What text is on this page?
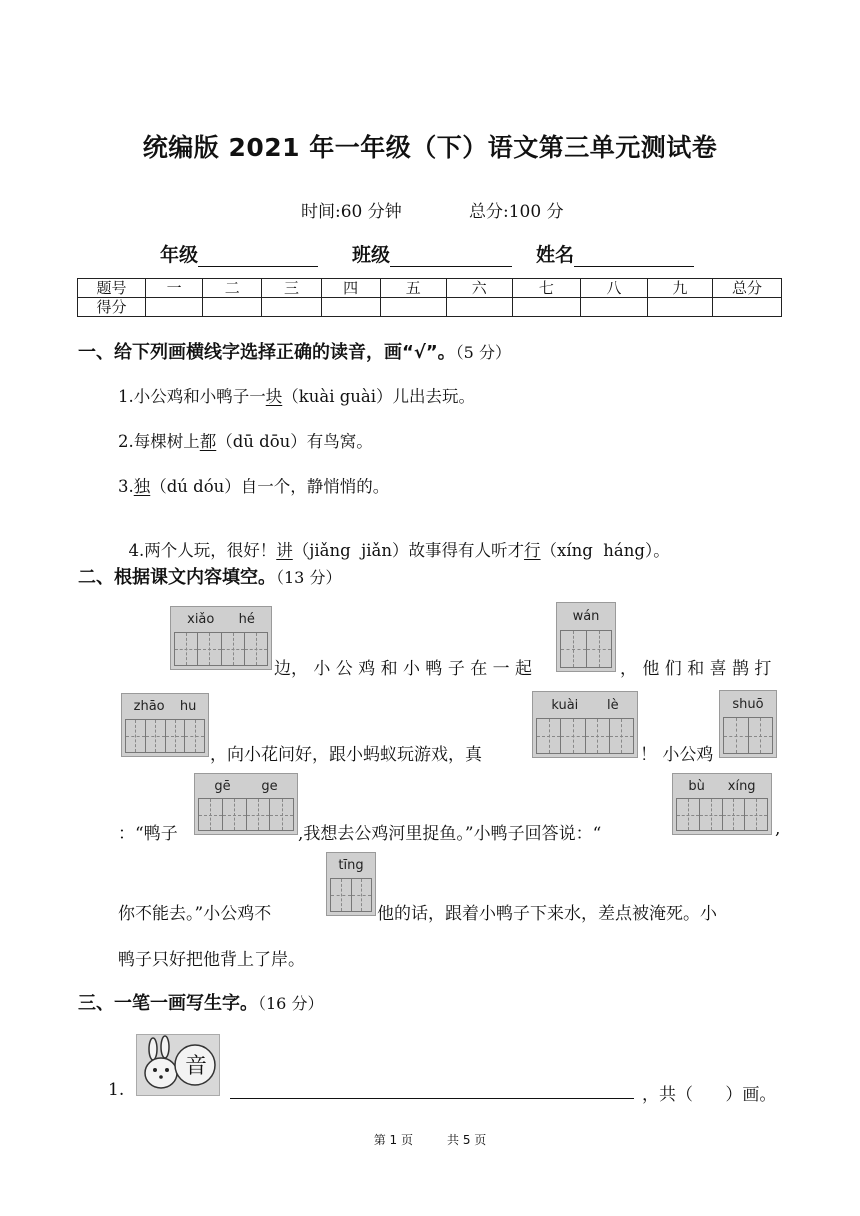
统编版 2021 年一年级（下）语文第三单元测试卷
时间:60 分钟	总分:100 分
年级	班级	姓名
题号	一	二	三	四	五	六	七	八	九	总分
得分										
一、给下列画横线字选择正确的读音，画“√”。（5 分）
1.小公鸡和小鸭子一块（kuài guài）儿出去玩。
2.每棵树上都（dū dōu）有鸟窝。
3.独（dú dóu）自一个，静悄悄的。

4.两个人玩，很好！讲（jiǎng  jiǎn）故事得有人听才行（xíng  háng）。

二、根据课文内容填空。（13 分）
xiǎo hé
边， 小 公 鸡 和 小 鸭 子 在 一 起
wán
， 他 们 和 喜 鹊 打
zhāo hu
，向小花问好，跟小蚂蚁玩游戏，真
kuài lè
！ 小公鸡
shuō
：“鸭子
gē ge
,我想去公鸡河里捉鱼。”小鸭子回答说：“
bù xíng
,
你不能去。”小公鸡不
tīng
他的话，跟着小鸭子下来水，差点被淹死。小
鸭子只好把他背上了岸。
三、一笔一画写生字。（16 分）
1.
音
，共（      ）画。
第 1 页	共 5 页
